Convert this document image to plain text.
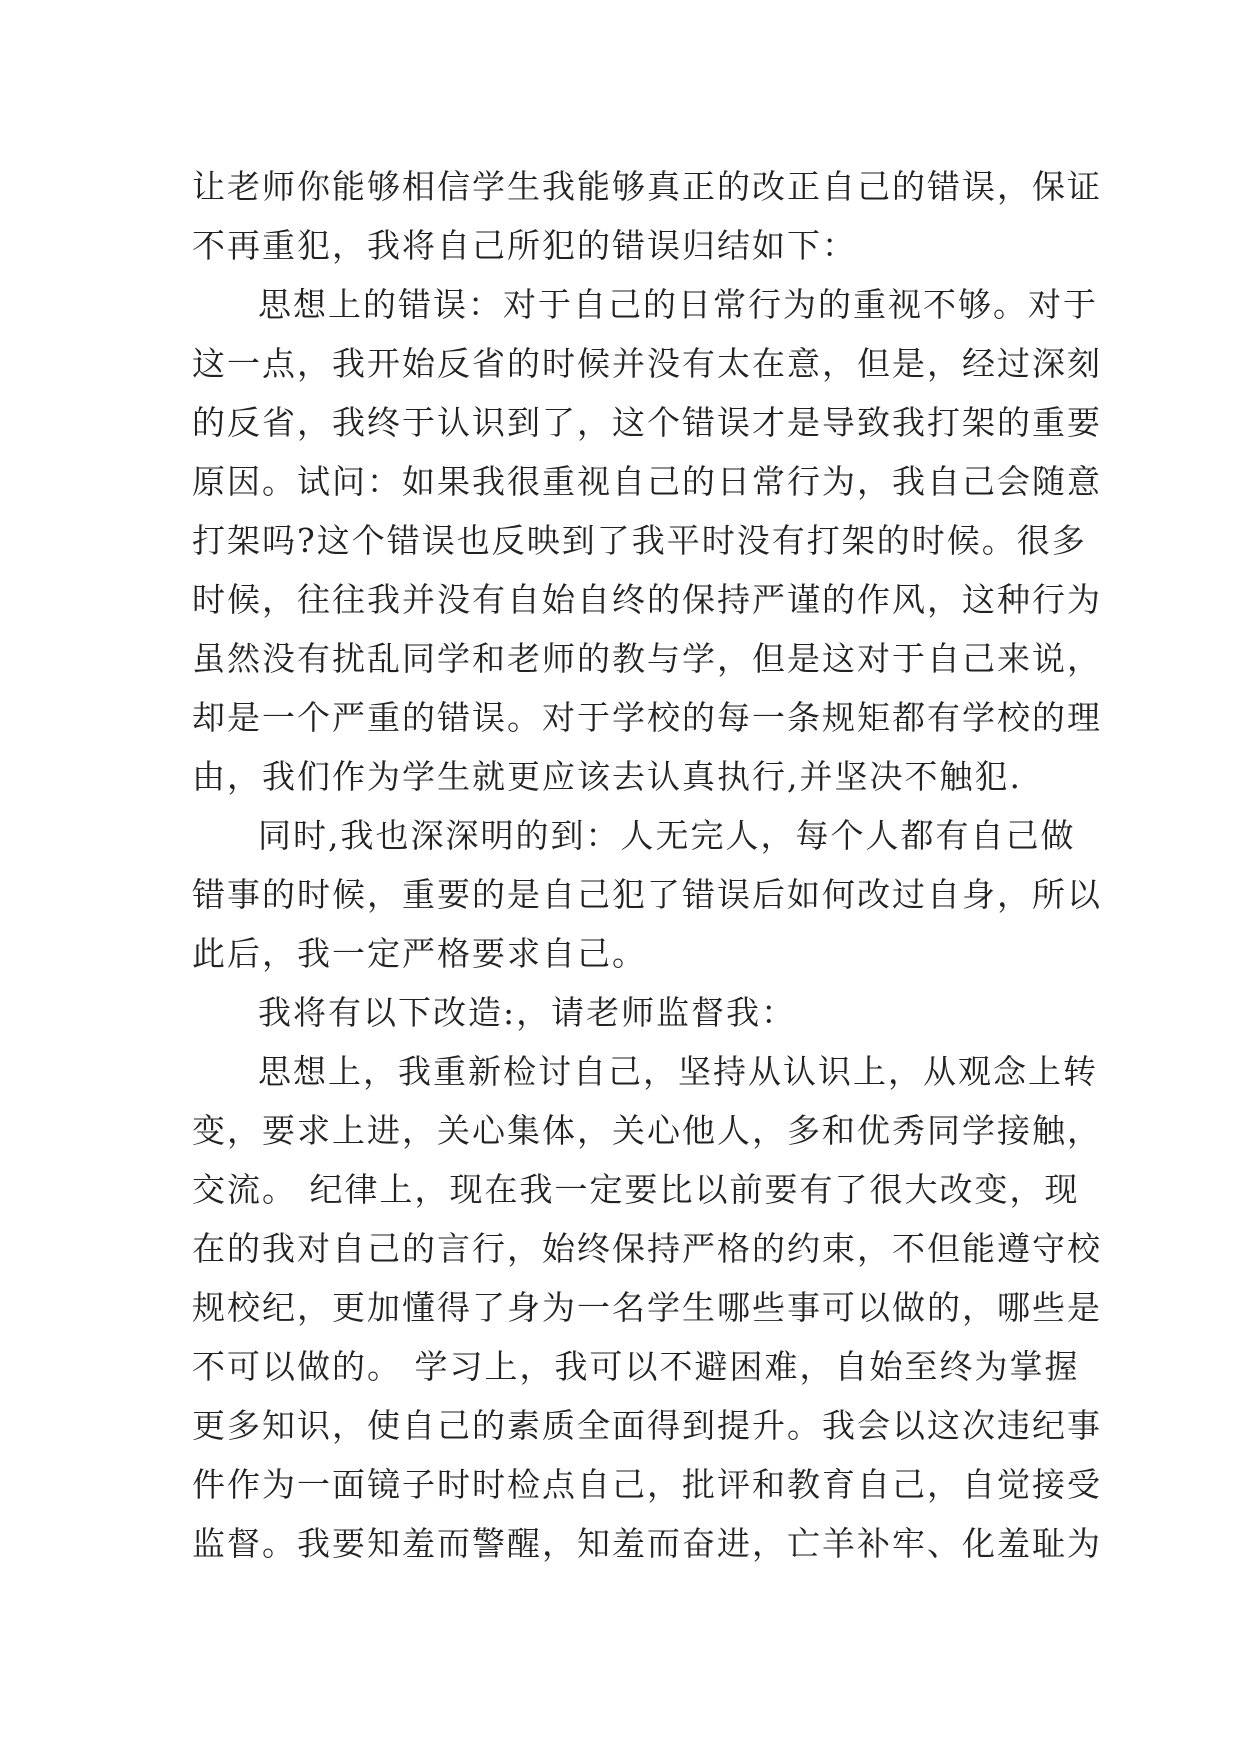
让老师你能够相信学生我能够真正的改正自己的错误，保证
不再重犯，我将自己所犯的错误归结如下：
思想上的错误：对于自己的日常行为的重视不够。对于
这一点，我开始反省的时候并没有太在意，但是，经过深刻
的反省，我终于认识到了，这个错误才是导致我打架的重要
原因。试问：如果我很重视自己的日常行为，我自己会随意
打架吗?这个错误也反映到了我平时没有打架的时候。很多
时候，往往我并没有自始自终的保持严谨的作风，这种行为
虽然没有扰乱同学和老师的教与学，但是这对于自己来说，
却是一个严重的错误。对于学校的每一条规矩都有学校的理
由，我们作为学生就更应该去认真执行,并坚决不触犯.
同时,我也深深明的到：人无完人，每个人都有自己做
错事的时候，重要的是自己犯了错误后如何改过自身，所以
此后，我一定严格要求自己。
我将有以下改造:，请老师监督我：
思想上，我重新检讨自己，坚持从认识上，从观念上转
变，要求上进，关心集体，关心他人，多和优秀同学接触，
交流。 纪律上，现在我一定要比以前要有了很大改变，现
在的我对自己的言行，始终保持严格的约束，不但能遵守校
规校纪，更加懂得了身为一名学生哪些事可以做的，哪些是
不可以做的。 学习上，我可以不避困难，自始至终为掌握
更多知识，使自己的素质全面得到提升。我会以这次违纪事
件作为一面镜子时时检点自己，批评和教育自己，自觉接受
监督。我要知羞而警醒，知羞而奋进，亡羊补牢、化羞耻为
